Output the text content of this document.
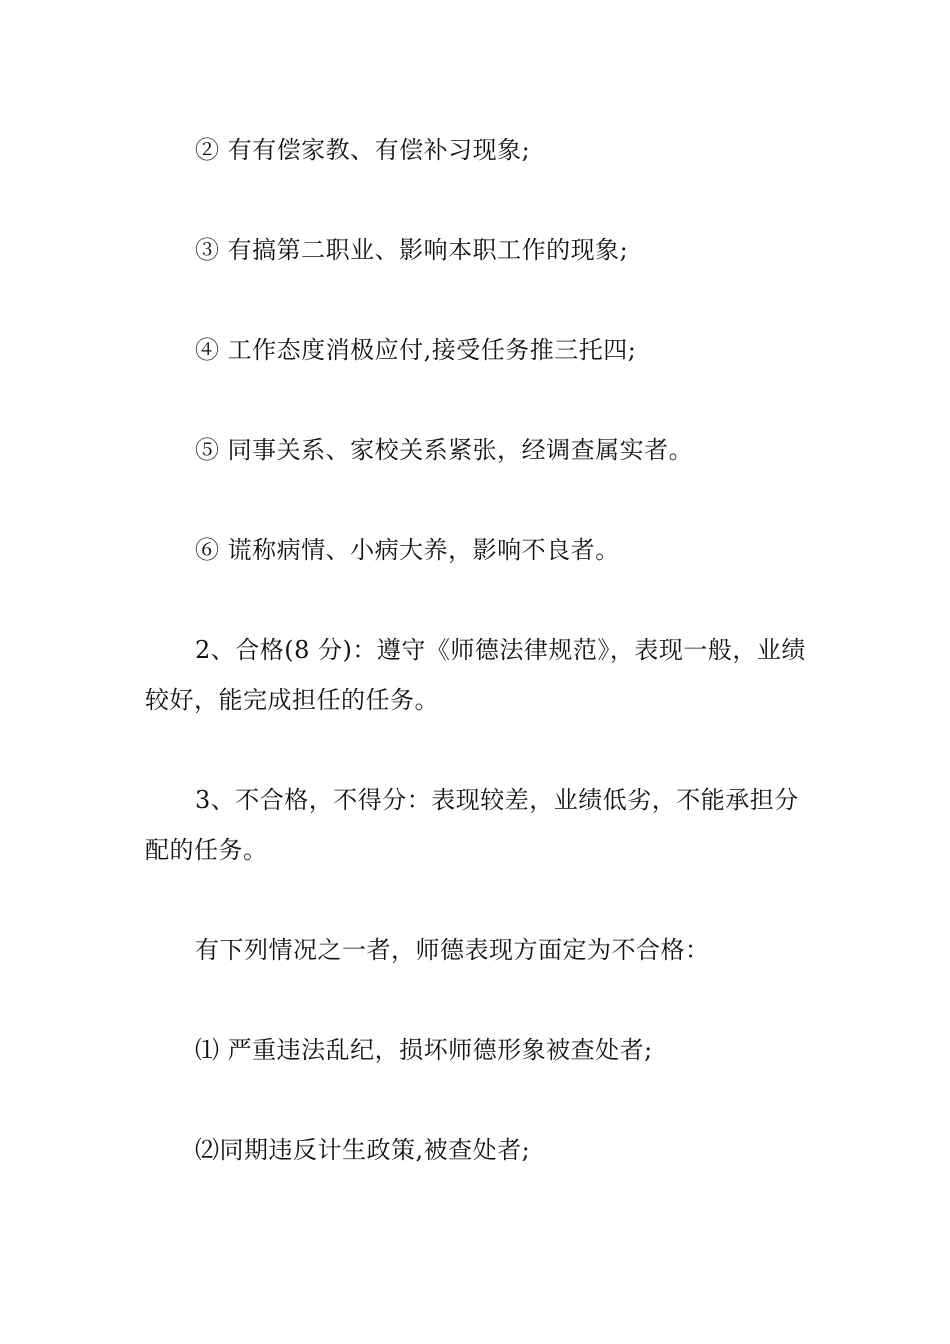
② 有有偿家教、有偿补习现象;

③ 有搞第二职业、影响本职工作的现象;

④ 工作态度消极应付,接受任务推三托四;

⑤ 同事关系、家校关系紧张，经调查属实者。

⑥ 谎称病情、小病大养，影响不良者。

2、合格(8 分)：遵守《师德法律规范》，表现一般，业绩较好，能完成担任的任务。

3、不合格，不得分：表现较差，业绩低劣，不能承担分配的任务。

有下列情况之一者，师德表现方面定为不合格：

⑴ 严重违法乱纪，损坏师德形象被查处者;

⑵同期违反计生政策,被查处者;
